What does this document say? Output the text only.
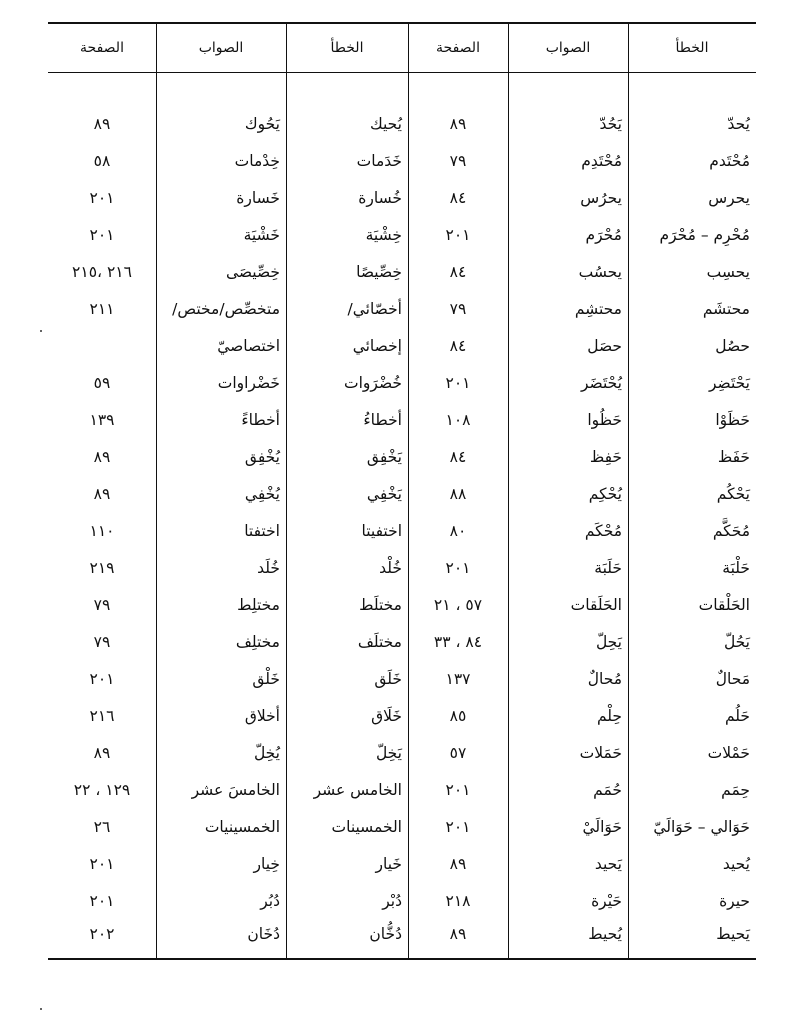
الصفحة	الصواب	الخطأ	الصفحة	الصواب	الخطأ

٨٩	يَحُوك	يُحيك	٨٩	يَحُدّ	يُحدّ
٥٨	خِدْمات	خَدَمات	٧٩	مُحْتَدِم	مُحْتَدم
٢٠١	خَسارة	خُسارة	٨٤	يحرُس	يحرس
٢٠١	خَشْيَة	خِشْيَة	٢٠١	مُحْرَم	مُحْرِم – مُحْرَم
٢١٦ ،٢١٥	خِصِّيصَى	خِصِّيصًا	٨٤	يحسُب	يحسِب
٢١١	متخصِّص/مختص/	أخصّائي/	٧٩	محتشِم	محتشَم
	اختصاصيّ	إخصائي	٨٤	حصَل	حصُل
٥٩	خَضْراوات	خُضْرَوات	٢٠١	يُحْتَضَر	يَحْتَضِر
١٣٩	أخطاءً	أخطاءُ	١٠٨	حَظُوا	حَظَوْا
٨٩	يُخْفِق	يَخْفِق	٨٤	حَفِظ	حَفَظ
٨٩	يُخْفِي	يَخْفِي	٨٨	يُحْكِم	يَحْكُم
١١٠	اختفتا	اختفيتا	٨٠	مُحْكَم	مُحَكَّم
٢١٩	خُلَد	خُلْد	٢٠١	حَلَبَة	حَلْبَة
٧٩	مختلِط	مختلَط	٥٧ ، ٢١	الحَلَقات	الحَلْقات
٧٩	مختلِف	مختلَف	٨٤ ، ٣٣	يَحِلّ	يَحُلّ
٢٠١	خَلْق	خَلَق	١٣٧	مُحالٌ	مَحالٌ
٢١٦	أخلاق	خَلَاق	٨٥	حِلْم	حَلُم
٨٩	يُخِلّ	يَخِلّ	٥٧	حَمَلات	حَمْلات
١٢٩ ، ٢٢	الخامسَ عشر	الخامس عشر	٢٠١	حُمَم	حِمَم
٢٦	الخمسينيات	الخمسينات	٢٠١	حَوَالَيْ	حَوَالي – حَوَالَيّ
٢٠١	خِيار	خَيار	٨٩	يَحيد	يُحيد
٢٠١	دُبُر	دُبْر	٢١٨	حَيْرة	حيرة
٢٠٢	دُخَان	دُخُّان	٨٩	يُحيط	يَحيط
